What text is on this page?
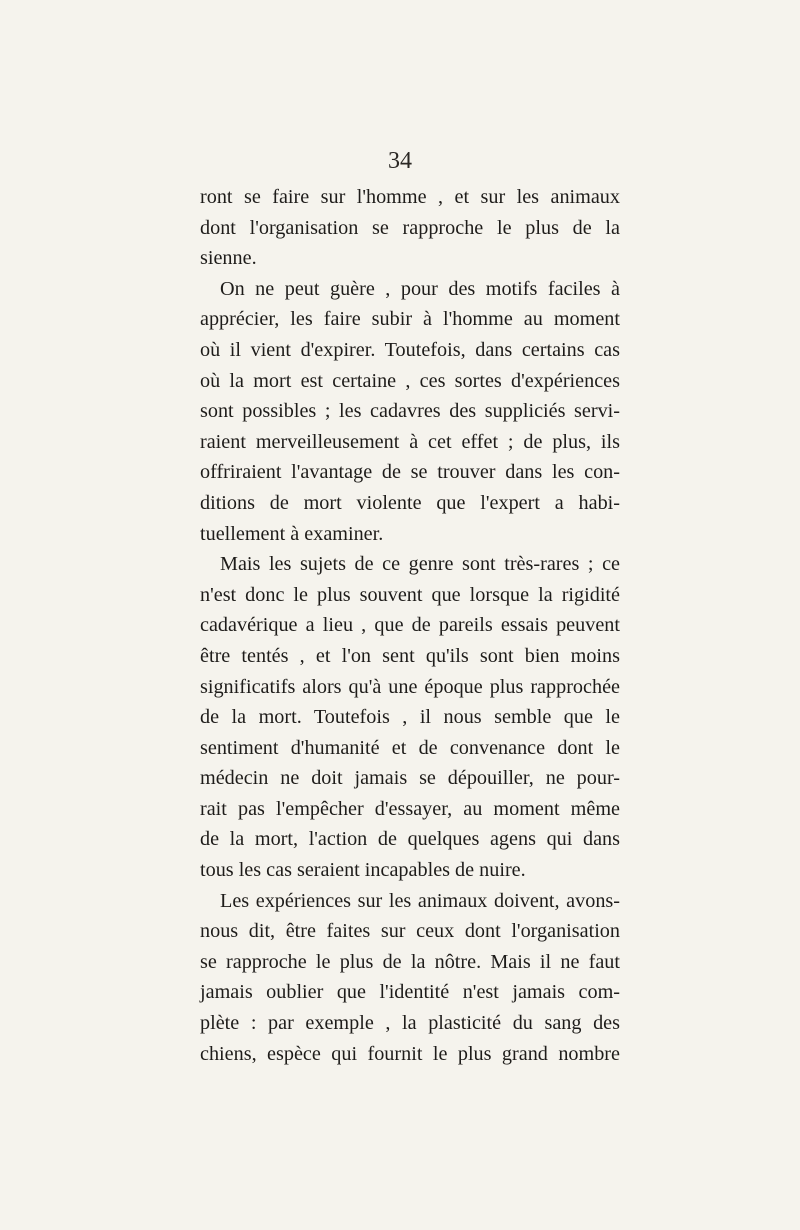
34
ront se faire sur l'homme , et sur les animaux
dont l'organisation se rapproche le plus de la
sienne.
On ne peut guère , pour des motifs faciles à
apprécier, les faire subir à l'homme au moment
où il vient d'expirer. Toutefois, dans certains cas
où la mort est certaine , ces sortes d'expériences
sont possibles ; les cadavres des suppliciés servi-
raient merveilleusement à cet effet ; de plus, ils
offriraient l'avantage de se trouver dans les con-
ditions de mort violente que l'expert a habi-
tuellement à examiner.
Mais les sujets de ce genre sont très-rares ; ce
n'est donc le plus souvent que lorsque la rigidité
cadavérique a lieu , que de pareils essais peuvent
être tentés , et l'on sent qu'ils sont bien moins
significatifs alors qu'à une époque plus rapprochée
de la mort. Toutefois , il nous semble que le
sentiment d'humanité et de convenance dont le
médecin ne doit jamais se dépouiller, ne pour-
rait pas l'empêcher d'essayer, au moment même
de la mort, l'action de quelques agens qui dans
tous les cas seraient incapables de nuire.
Les expériences sur les animaux doivent, avons-
nous dit, être faites sur ceux dont l'organisation
se rapproche le plus de la nôtre. Mais il ne faut
jamais oublier que l'identité n'est jamais com-
plète : par exemple , la plasticité du sang des
chiens, espèce qui fournit le plus grand nombre
